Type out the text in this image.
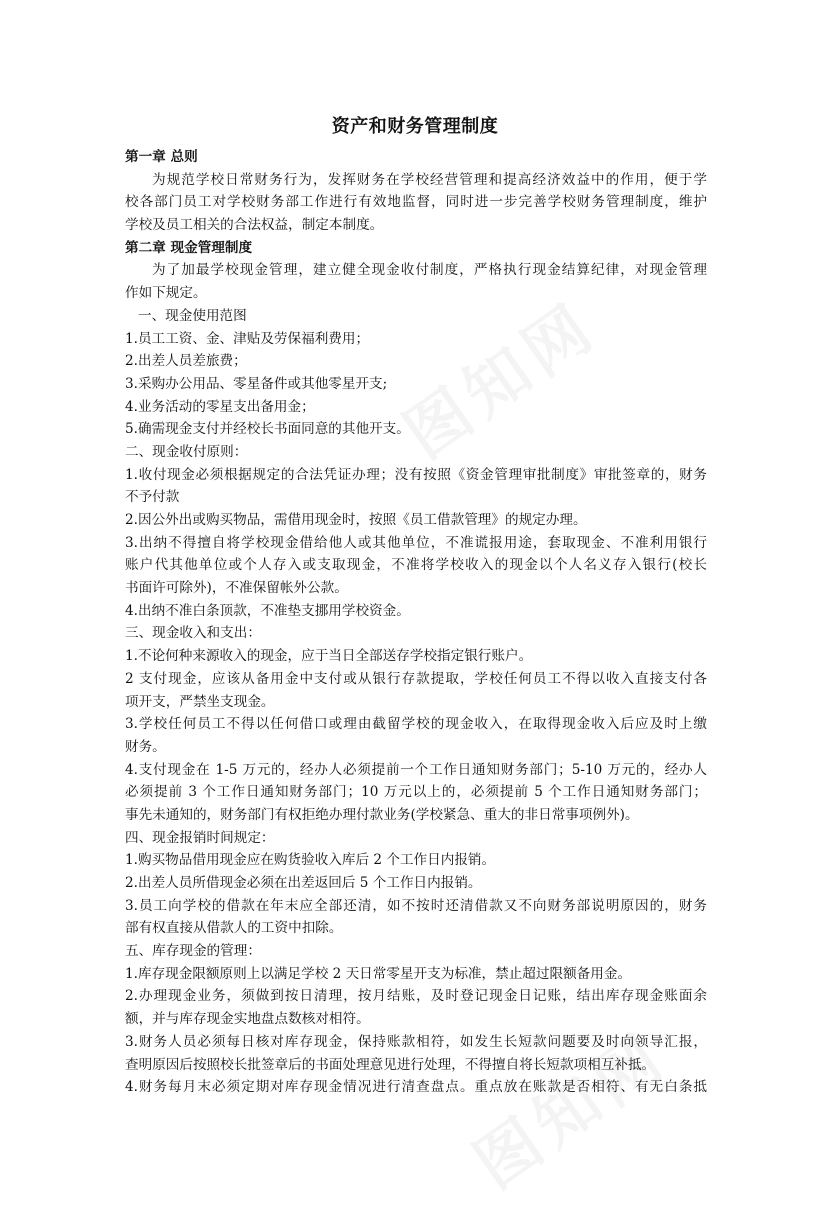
资产和财务管理制度
第一章 总则
为规范学校日常财务行为，发挥财务在学校经营管理和提高经济效益中的作用，便于学
校各部门员工对学校财务部工作进行有效地监督，同时进一步完善学校财务管理制度，维护
学校及员工相关的合法权益，制定本制度。
第二章 现金管理制度
为了加最学校现金管理，建立健全现金收付制度，严格执行现金结算纪律，对现金管理
作如下规定。
一、现金使用范图
1.员工工资、金、津贴及劳保福利费用；
2.出差人员差旅费；
3.采购办公用品、零星备件或其他零星开支;
4.业务活动的零星支出备用金；
5.确需现金支付并经校长书面同意的其他开支。
二、现金收付原则：
1.收付现金必须根据规定的合法凭证办理；没有按照《资金管理审批制度》审批签章的，财务
不予付款
2.因公外出或购买物品，需借用现金时，按照《员工借款管理》的规定办理。
3.出纳不得擅自将学校现金借给他人或其他单位，不准谎报用途，套取现金、不准利用银行
账户代其他单位或个人存入或支取现金，不准将学校收入的现金以个人名义存入银行(校长
书面许可除外)，不准保留帐外公款。
4.出纳不准白条顶款，不准垫支挪用学校资金。
三、现金收入和支出：
1.不论何种来源收入的现金，应于当日全部送存学校指定银行账户。
2 支付现金，应该从备用金中支付或从银行存款提取，学校任何员工不得以收入直接支付各
项开支，严禁坐支现金。
3.学校任何员工不得以任何借口或理由截留学校的现金收入，在取得现金收入后应及时上缴
财务。
4.支付现金在 1-5 万元的，经办人必须提前一个工作日通知财务部门；5-10 万元的，经办人
必须提前 3 个工作日通知财务部门；10 万元以上的，必须提前 5 个工作日通知财务部门；
事先未通知的，财务部门有权拒绝办理付款业务(学校紧急、重大的非日常事项例外)。
四、现金报销时间规定：
1.购买物品借用现金应在购货验收入库后 2 个工作日内报销。
2.出差人员所借现金必须在出差返回后 5 个工作日内报销。
3.员工向学校的借款在年末应全部还清，如不按时还清借款又不向财务部说明原因的，财务
部有权直接从借款人的工资中扣除。
五、库存现金的管理：
1.库存现金限额原则上以满足学校 2 天日常零星开支为标准，禁止超过限额备用金。
2.办理现金业务，须做到按日清理，按月结账，及时登记现金日记账，结出库存现金账面余
额，并与库存现金实地盘点数核对相符。
3.财务人员必须每日核对库存现金，保持账款相符，如发生长短款问题要及时向领导汇报，
查明原因后按照校长批签章后的书面处理意见进行处理，不得擅自将长短款项相互补抵。
4.财务每月末必须定期对库存现金情况进行清查盘点。重点放在账款是否相符、有无白条抵
